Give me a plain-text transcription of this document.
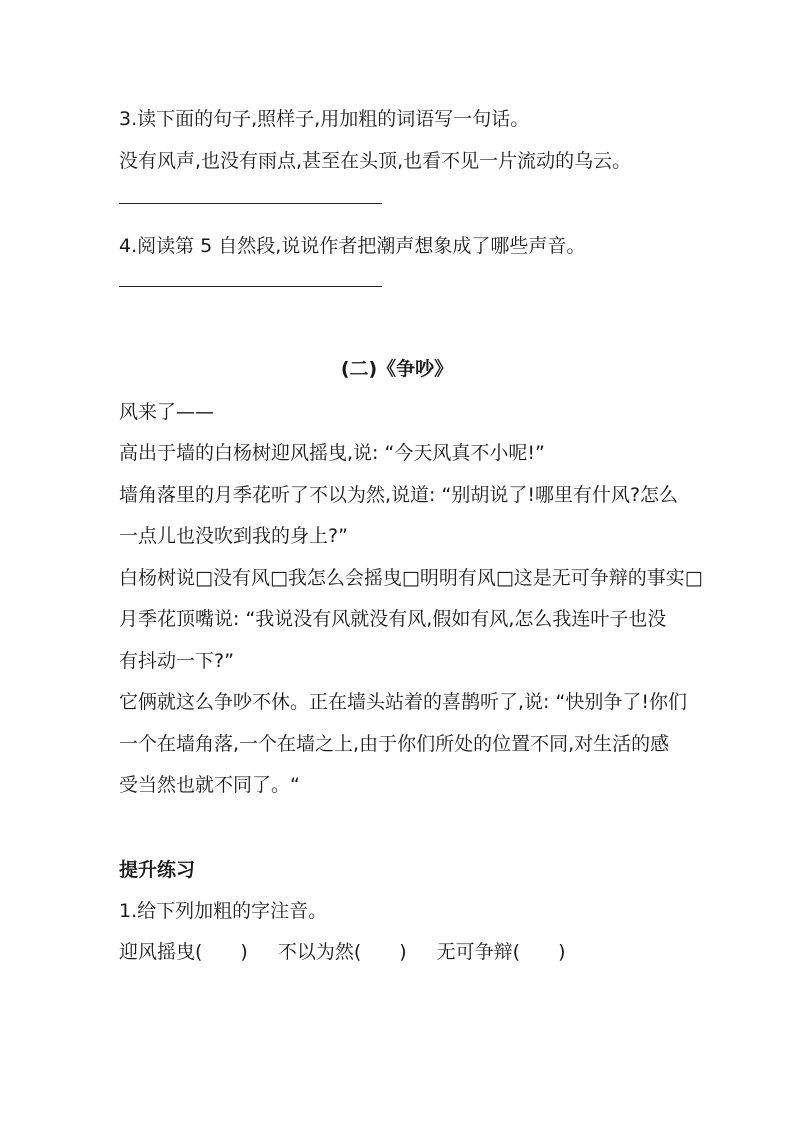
3.读下面的句子,照样子,用加粗的词语写一句话。
没有风声,也没有雨点,甚至在头顶,也看不见一片流动的乌云。
4.阅读第 5 自然段,说说作者把潮声想象成了哪些声音。
(二)《争吵》
风来了——
高出于墙的白杨树迎风摇曳,说: “今天风真不小呢!”
墙角落里的月季花听了不以为然,说道: “别胡说了!哪里有什风?怎么
一点儿也没吹到我的身上?”
白杨树说□没有风□我怎么会摇曳□明明有风□这是无可争辩的事实□
月季花顶嘴说: “我说没有风就没有风,假如有风,怎么我连叶子也没
有抖动一下?”
它俩就这么争吵不休。正在墙头站着的喜鹊听了,说: “快别争了!你们
一个在墙角落,一个在墙之上,由于你们所处的位置不同,对生活的感
受当然也就不同了。“
提升练习
1.给下列加粗的字注音。
迎风摇曳(　　) 不以为然(　　) 无可争辩(　　)
